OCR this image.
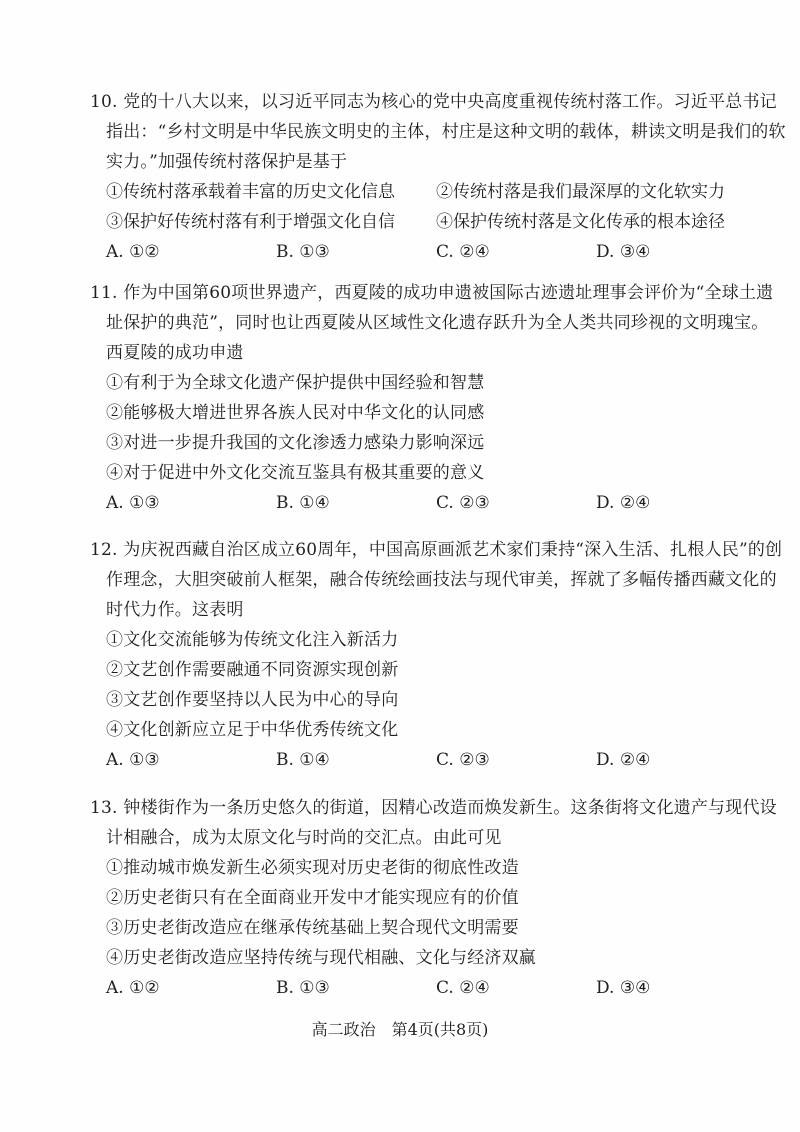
10. 党的十八大以来，以习近平同志为核心的党中央高度重视传统村落工作。习近平总书记
指出：“乡村文明是中华民族文明史的主体，村庄是这种文明的载体，耕读文明是我们的软
实力。”加强传统村落保护是基于
①传统村落承载着丰富的历史文化信息 ②传统村落是我们最深厚的文化软实力
③保护好传统村落有利于增强文化自信 ④保护传统村落是文化传承的根本途径
A. ①②	B. ①③	C. ②④	D. ③④
11. 作为中国第60项世界遗产，西夏陵的成功申遗被国际古迹遗址理事会评价为“全球土遗
址保护的典范”，同时也让西夏陵从区域性文化遗存跃升为全人类共同珍视的文明瑰宝。
西夏陵的成功申遗
①有利于为全球文化遗产保护提供中国经验和智慧
②能够极大增进世界各族人民对中华文化的认同感
③对进一步提升我国的文化渗透力感染力影响深远
④对于促进中外文化交流互鉴具有极其重要的意义
A. ①③	B. ①④	C. ②③	D. ②④
12. 为庆祝西藏自治区成立60周年，中国高原画派艺术家们秉持“深入生活、扎根人民”的创
作理念，大胆突破前人框架，融合传统绘画技法与现代审美，挥就了多幅传播西藏文化的
时代力作。这表明
①文化交流能够为传统文化注入新活力
②文艺创作需要融通不同资源实现创新
③文艺创作要坚持以人民为中心的导向
④文化创新应立足于中华优秀传统文化
A. ①③	B. ①④	C. ②③	D. ②④
13. 钟楼街作为一条历史悠久的街道，因精心改造而焕发新生。这条街将文化遗产与现代设
计相融合，成为太原文化与时尚的交汇点。由此可见
①推动城市焕发新生必须实现对历史老街的彻底性改造
②历史老街只有在全面商业开发中才能实现应有的价值
③历史老街改造应在继承传统基础上契合现代文明需要
④历史老街改造应坚持传统与现代相融、文化与经济双赢
A. ①②	B. ①③	C. ②④	D. ③④
高二政治　第4页(共8页)
